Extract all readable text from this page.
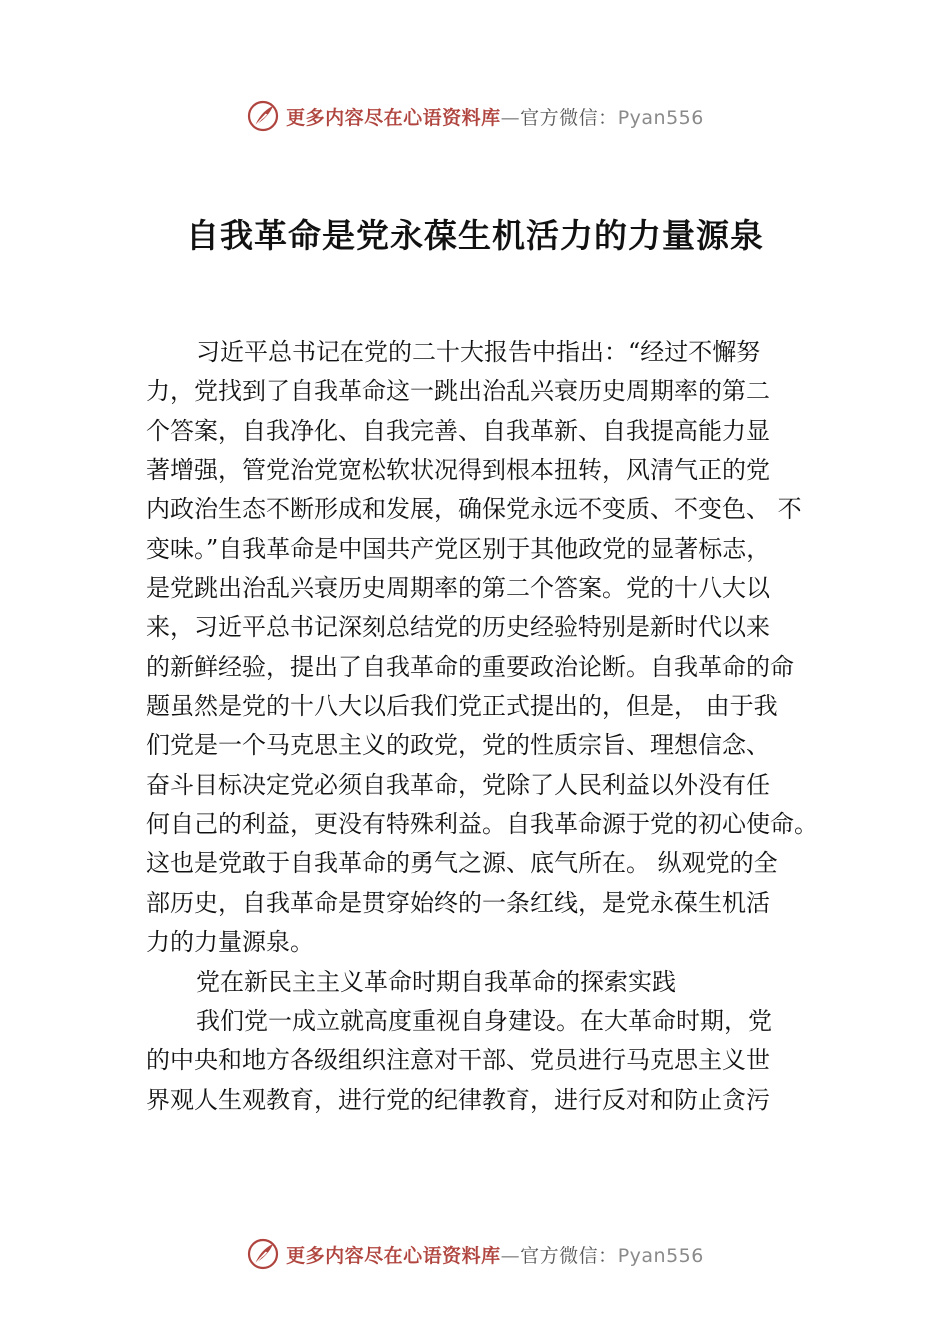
更多内容尽在心语资料库—官方微信：Pyan556
自我革命是党永葆生机活力的力量源泉
习近平总书记在党的二十大报告中指出：“经过不懈努
力，党找到了自我革命这一跳出治乱兴衰历史周期率的第二
个答案，自我净化、自我完善、自我革新、自我提高能力显
著增强，管党治党宽松软状况得到根本扭转，风清气正的党
内政治生态不断形成和发展，确保党永远不变质、不变色、 不
变味。”自我革命是中国共产党区别于其他政党的显著标志，
是党跳出治乱兴衰历史周期率的第二个答案。党的十八大以
来，习近平总书记深刻总结党的历史经验特别是新时代以来
的新鲜经验，提出了自我革命的重要政治论断。自我革命的命
题虽然是党的十八大以后我们党正式提出的，但是， 由于我
们党是一个马克思主义的政党，党的性质宗旨、理想信念、
奋斗目标决定党必须自我革命，党除了人民利益以外没有任
何自己的利益，更没有特殊利益。自我革命源于党的初心使命。
这也是党敢于自我革命的勇气之源、底气所在。 纵观党的全
部历史，自我革命是贯穿始终的一条红线，是党永葆生机活
力的力量源泉。
党在新民主主义革命时期自我革命的探索实践
我们党一成立就高度重视自身建设。在大革命时期，党
的中央和地方各级组织注意对干部、党员进行马克思主义世
界观人生观教育，进行党的纪律教育，进行反对和防止贪污
更多内容尽在心语资料库—官方微信：Pyan556
